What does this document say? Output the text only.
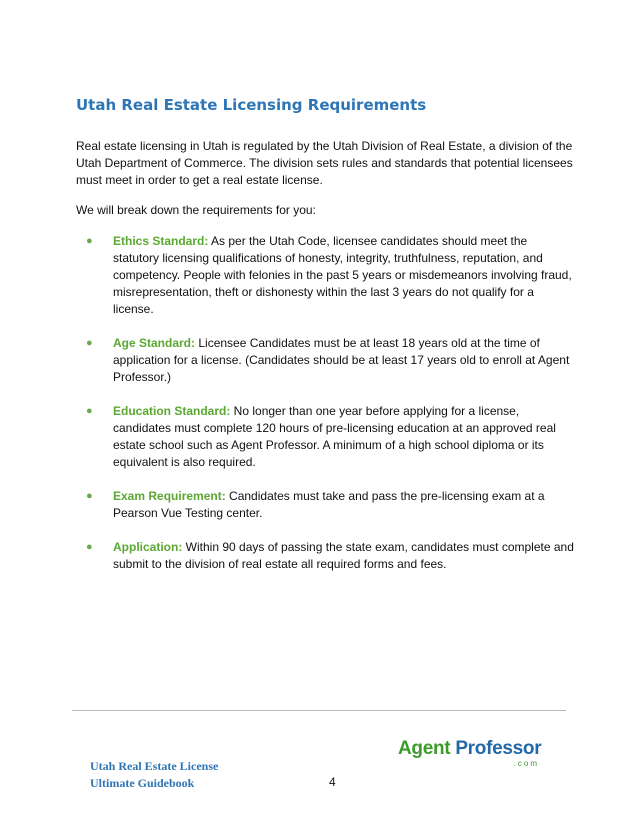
Utah Real Estate Licensing Requirements

Real estate licensing in Utah is regulated by the Utah Division of Real Estate, a division of the Utah Department of Commerce. The division sets rules and standards that potential licensees must meet in order to get a real estate license.

We will break down the requirements for you:

● Ethics Standard: As per the Utah Code, licensee candidates should meet the statutory licensing qualifications of honesty, integrity, truthfulness, reputation, and competency. People with felonies in the past 5 years or misdemeanors involving fraud, misrepresentation, theft or dishonesty within the last 3 years do not qualify for a license.
● Age Standard: Licensee Candidates must be at least 18 years old at the time of application for a license. (Candidates should be at least 17 years old to enroll at Agent Professor.)
● Education Standard: No longer than one year before applying for a license, candidates must complete 120 hours of pre-licensing education at an approved real estate school such as Agent Professor. A minimum of a high school diploma or its equivalent is also required.
● Exam Requirement: Candidates must take and pass the pre-licensing exam at a Pearson Vue Testing center.
● Application: Within 90 days of passing the state exam, candidates must complete and submit to the division of real estate all required forms and fees.
Utah Real Estate License
Ultimate Guidebook	4
Agent Professor
.com
